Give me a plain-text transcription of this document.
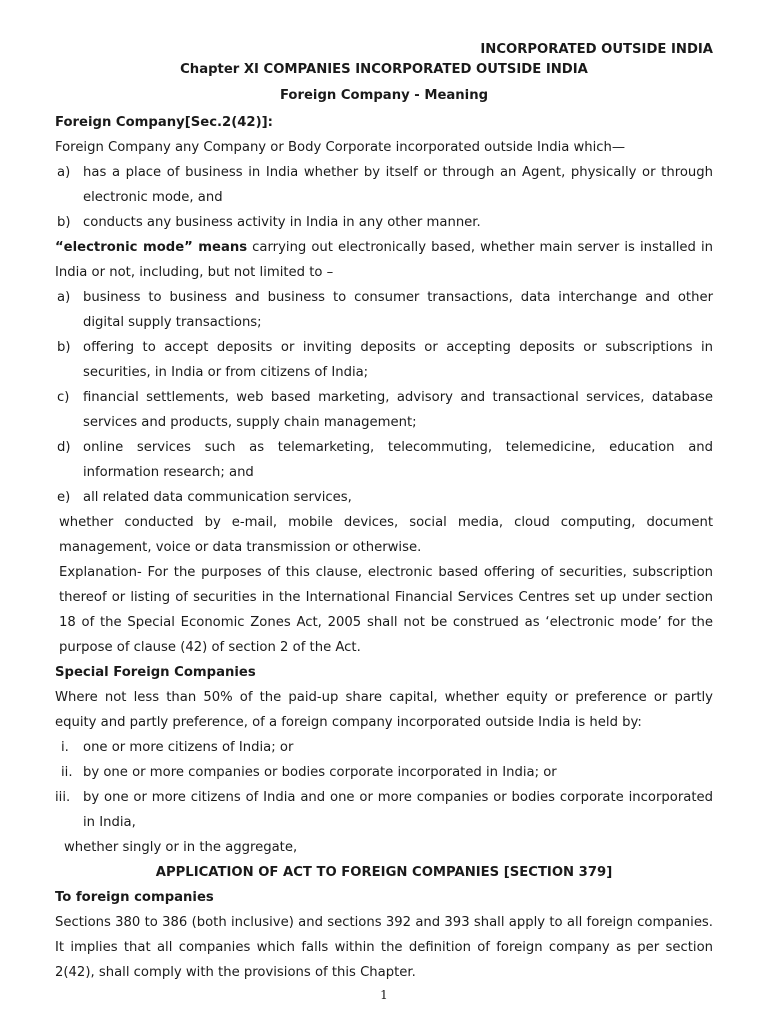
INCORPORATED OUTSIDE INDIA
Chapter XI COMPANIES INCORPORATED OUTSIDE INDIA
Foreign Company - Meaning

Foreign Company[Sec.2(42)]:

Foreign Company any Company or Body Corporate incorporated outside India which—

a) has a place of business in India whether by itself or through an Agent, physically or through electronic mode, and
b) conducts any business activity in India in any other manner.

“electronic mode” means carrying out electronically based, whether main server is installed in India or not, including, but not limited to –

a) business to business and business to consumer transactions, data interchange and other digital supply transactions;
b) offering to accept deposits or inviting deposits or accepting deposits or subscriptions in securities, in India or from citizens of India;
c) financial settlements, web based marketing, advisory and transactional services, database services and products, supply chain management;
d) online services such as telemarketing, telecommuting, telemedicine, education and information research; and
e) all related data communication services,

whether conducted by e-mail, mobile devices, social media, cloud computing, document management, voice or data transmission or otherwise.

Explanation- For the purposes of this clause, electronic based offering of securities, subscription thereof or listing of securities in the International Financial Services Centres set up under section 18 of the Special Economic Zones Act, 2005 shall not be construed as ‘electronic mode’ for the purpose of clause (42) of section 2 of the Act.

Special Foreign Companies

Where not less than 50% of the paid-up share capital, whether equity or preference or partly equity and partly preference, of a foreign company incorporated outside India is held by:

i. one or more citizens of India; or
ii. by one or more companies or bodies corporate incorporated in India; or
iii. by one or more citizens of India and one or more companies or bodies corporate incorporated in India,

whether singly or in the aggregate,

APPLICATION OF ACT TO FOREIGN COMPANIES [SECTION 379]

To foreign companies

Sections 380 to 386 (both inclusive) and sections 392 and 393 shall apply to all foreign companies. It implies that all companies which falls within the definition of foreign company as per section 2(42), shall comply with the provisions of this Chapter.

1
